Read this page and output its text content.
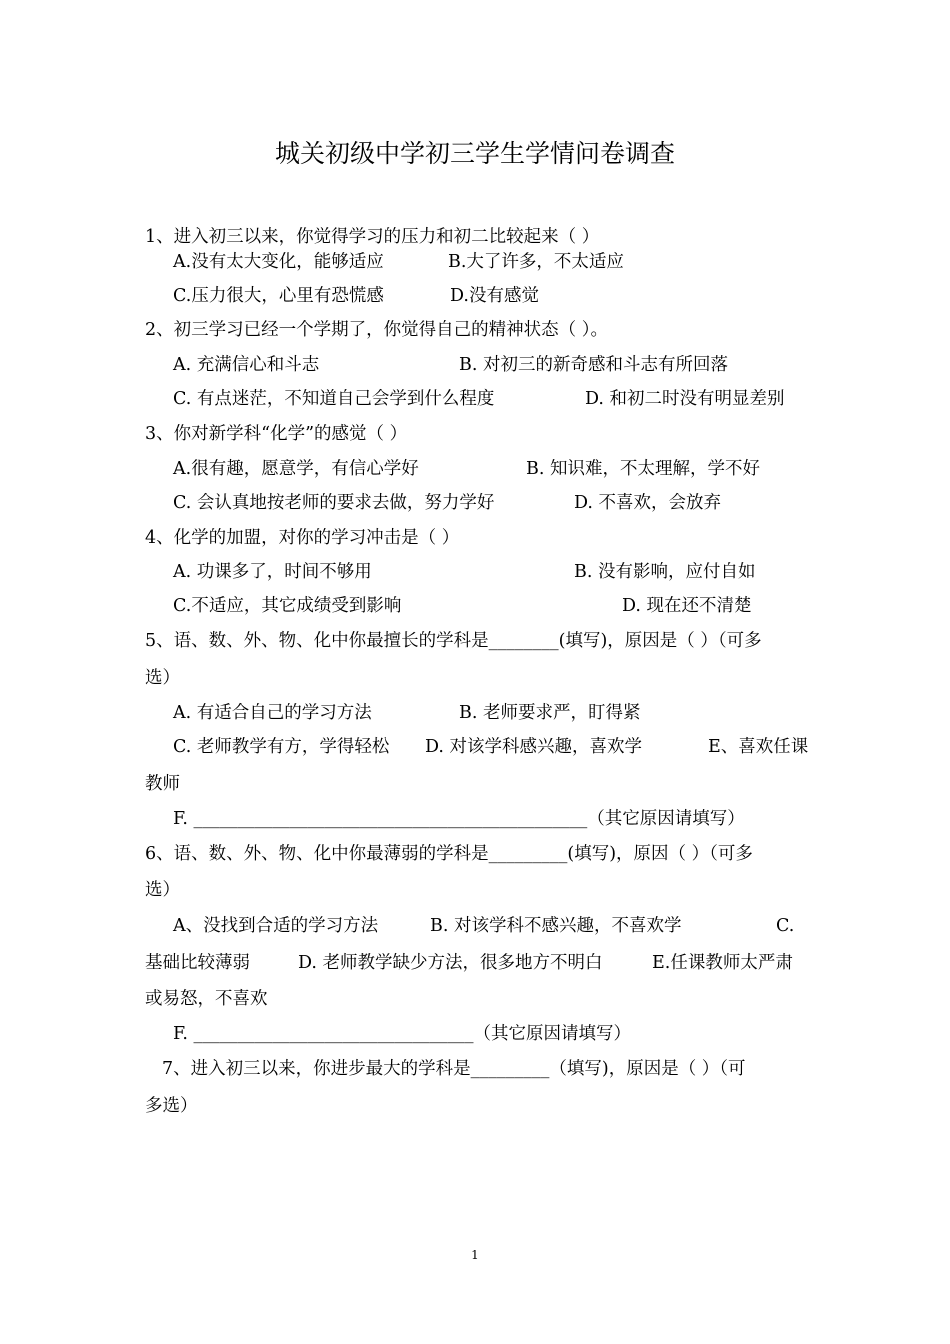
城关初级中学初三学生学情问卷调查
1、进入初三以来，你觉得学习的压力和初二比较起来（ ）
A.没有太大变化，能够适应	B.大了许多，不太适应
C.压力很大，心里有恐慌感	D.没有感觉
2、初三学习已经一个学期了，你觉得自己的精神状态（ ）。
A. 充满信心和斗志	B. 对初三的新奇感和斗志有所回落
C. 有点迷茫，不知道自己会学到什么程度	D. 和初二时没有明显差别
3、你对新学科“化学”的感觉（ ）
A.很有趣，愿意学，有信心学好	B. 知识难，不太理解，学不好
C. 会认真地按老师的要求去做，努力学好	D. 不喜欢，会放弃
4、化学的加盟，对你的学习冲击是（ ）
A. 功课多了，时间不够用	B. 没有影响，应付自如
C.不适应，其它成绩受到影响	D. 现在还不清楚
5、语、数、外、物、化中你最擅长的学科是________(填写)，原因是（ ）（可多
选）
A. 有适合自己的学习方法	B. 老师要求严，盯得紧
C. 老师教学有方，学得轻松 D. 对该学科感兴趣，喜欢学	E、喜欢任课
教师
F. _____________________________________________（其它原因请填写）
6、语、数、外、物、化中你最薄弱的学科是_________(填写)，原因（ ）（可多
选）
A、没找到合适的学习方法	B. 对该学科不感兴趣，不喜欢学	C.
基础比较薄弱	D. 老师教学缺少方法，很多地方不明白	E.任课教师太严肃
或易怒，不喜欢
F. ________________________________（其它原因请填写）
7、进入初三以来，你进步最大的学科是_________（填写)，原因是（ ）（可
多选）
1
